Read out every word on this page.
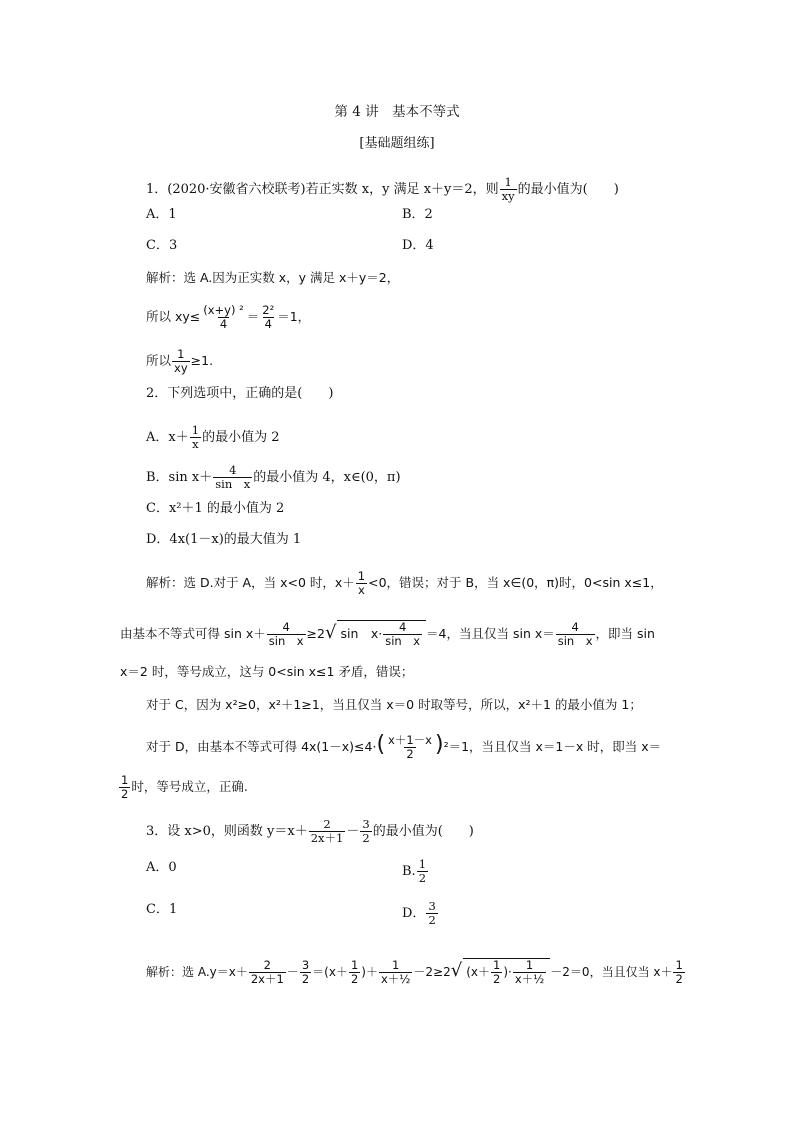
第 4 讲　基本不等式
[基础题组练]
1．(2020·安徽省六校联考)若正实数 x，y 满足 x＋y＝2，则 $\frac{1}{xy}$ 的最小值为(　　)
A．1	B．2
C．3	D．4
解析：选 A.因为正实数 x，y 满足 x＋y＝2，
所以 $xy\le \frac{\text{(x+y) ²}}{4} = \frac{\text{2²}}{4} =1$，
所以 $\frac{1}{xy} \ge 1$.
2．下列选项中，正确的是(　　)
A．$x+ \frac{1}{x}$ 的最小值为 2
B．$\sin x+ \frac{4}{\text{sin　x}}$ 的最小值为 4，x∈(0，π)
C．x²＋1 的最小值为 2
D．4x(1－x)的最大值为 1
解析：选 D.对于 A，当 x<0 时，$x+ \frac{1}{x} <0$，错误；对于 B，当 x∈(0，π)时，0<sin x≤1，
由基本不等式可得 $\sin x+ \frac{4}{\text{sin　x}} \ge 2√$ sin　$x\cdot \frac{4}{\text{sin　x}} =4$，当且仅当 $\sin x= \frac{4}{\text{sin　x}}$ ，即当 sin
x＝2 时，等号成立，这与 0<sin x≤1 矛盾，错误；
对于 C，因为 x²≥0，x²＋1≥1，当且仅当 x＝0 时取等号，所以，x²＋1 的最小值为 1；
对于 D，由基本不等式可得 $4x(1-x)\le 4\cdot( \frac{x+1-x}{2} )^2=1$，当且仅当 x＝1－x 时，即当 x＝
$\frac{1}{2}$ 时，等号成立，正确.
3．设 x>0，则函数 $y=x+ \frac{2}{2x+1} - \frac{3}{2}$ 的最小值为(　　)
A．0	B. $\frac{1}{2}$
C．1	D． $\frac{3}{2}$
解析：选 $A.y=x+ \frac{2}{2x+1} - \frac{3}{2} =(x+ \frac{1}{2}$ )＋ $\frac{1}{\text{x＋½}} -2\ge 2√$ ($x+ \frac{1}{2}$ )· $\frac{1}{\text{x＋½}} -2=0$，当且仅当 $x+ \frac{1}{2}$
